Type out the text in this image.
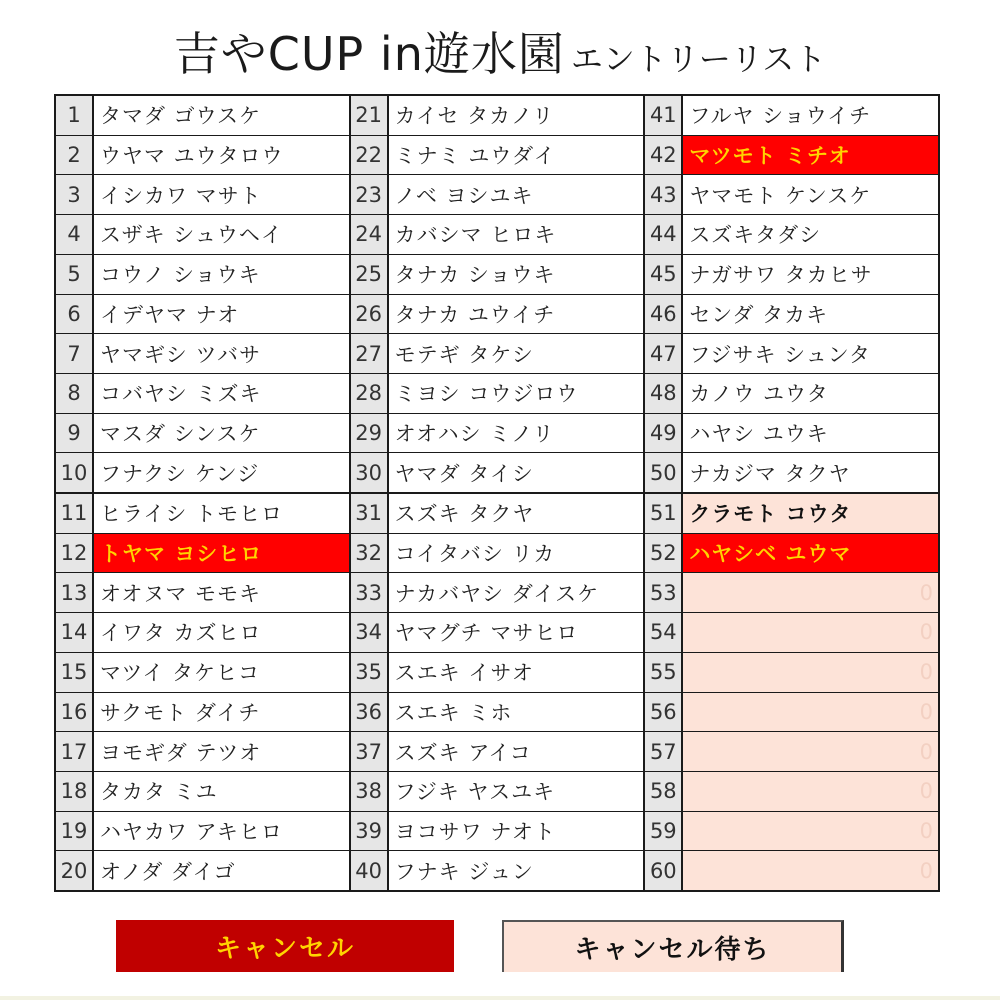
吉やCUP in遊水園 エントリーリスト
1 タマダ ゴウスケ
2 ウヤマ ユウタロウ
3 イシカワ マサト
4 スザキ シュウヘイ
5 コウノ ショウキ
6 イデヤマ ナオ
7 ヤマギシ ツバサ
8 コバヤシ ミズキ
9 マスダ シンスケ
10 フナクシ ケンジ
11 ヒライシ トモヒロ
12 トヤマ ヨシヒロ
13 オオヌマ モモキ
14 イワタ カズヒロ
15 マツイ タケヒコ
16 サクモト ダイチ
17 ヨモギダ テツオ
18 タカタ ミユ
19 ハヤカワ アキヒロ
20 オノダ ダイゴ
21 カイセ タカノリ
22 ミナミ ユウダイ
23 ノベ ヨシユキ
24 カバシマ ヒロキ
25 タナカ ショウキ
26 タナカ ユウイチ
27 モテギ タケシ
28 ミヨシ コウジロウ
29 オオハシ ミノリ
30 ヤマダ タイシ
31 スズキ タクヤ
32 コイタバシ リカ
33 ナカバヤシ ダイスケ
34 ヤマグチ マサヒロ
35 スエキ イサオ
36 スエキ ミホ
37 スズキ アイコ
38 フジキ ヤスユキ
39 ヨコサワ ナオト
40 フナキ ジュン
41 フルヤ ショウイチ
42 マツモト ミチオ
43 ヤマモト ケンスケ
44 スズキタダシ
45 ナガサワ タカヒサ
46 センダ タカキ
47 フジサキ シュンタ
48 カノウ ユウタ
49 ハヤシ ユウキ
50 ナカジマ タクヤ
51 クラモト コウタ
52 ハヤシベ ユウマ
53	0
54	0
55	0
56	0
57	0
58	0
59	0
60	0
キャンセル	キャンセル待ち
